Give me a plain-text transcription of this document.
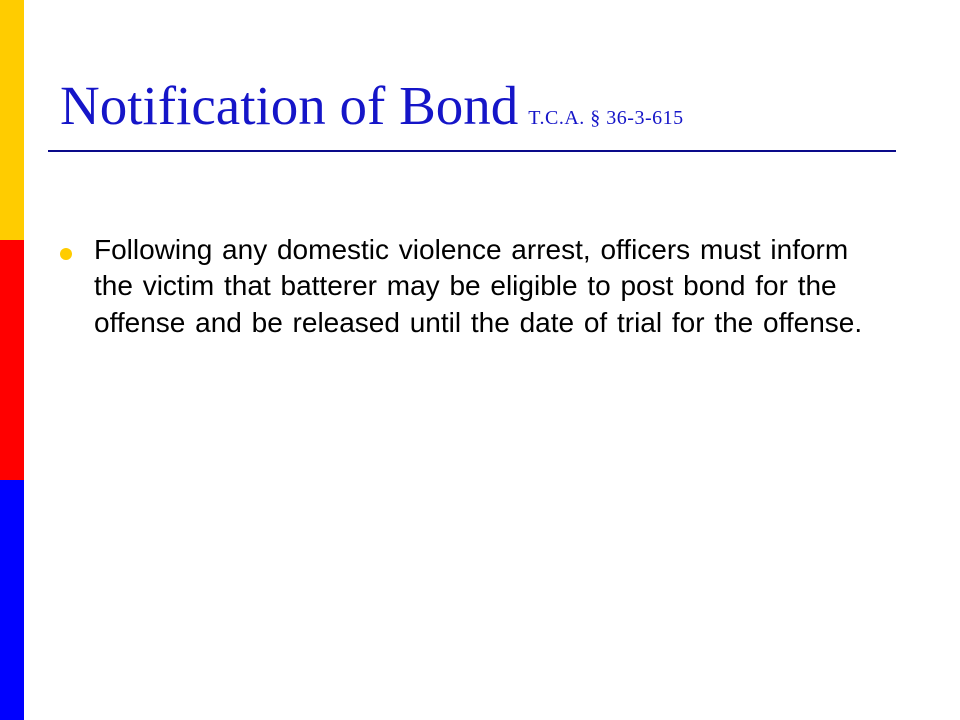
Notification of Bond T.C.A. § 36-3-615
Following any domestic violence arrest, officers must inform the victim that batterer may be eligible to post bond for the offense and be released until the date of trial for the offense.
